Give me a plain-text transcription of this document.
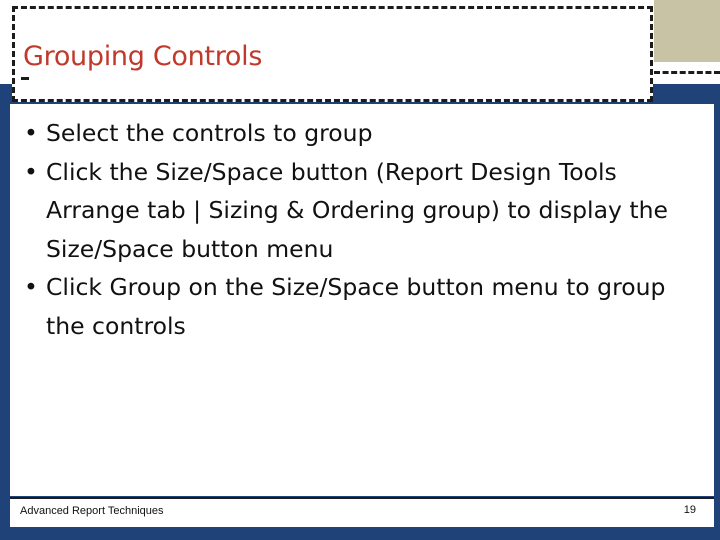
Grouping Controls
• Select the controls to group
• Click the Size/Space button (Report Design Tools Arrange tab | Sizing & Ordering group) to display the Size/Space button menu
• Click Group on the Size/Space button menu to group the controls
Advanced Report Techniques	19
